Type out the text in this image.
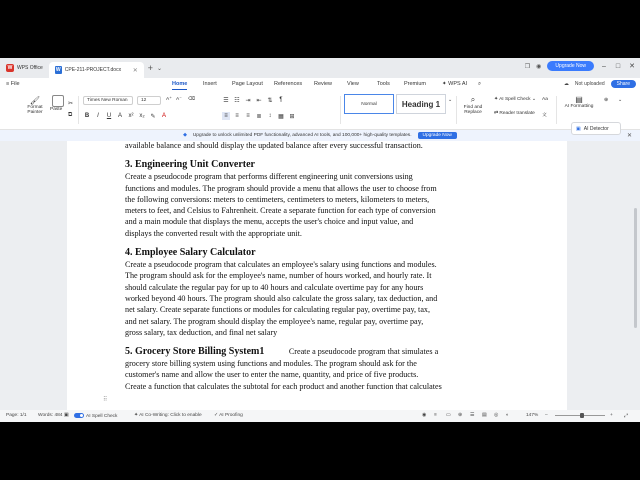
W WPS Office	W CPE-211-PROJECT.docx ✕ + ⌄	❐ ◉	Upgrade Now	– □ ✕
≡ File	Home	Insert	Page Layout References Review	View	Tools	Premium	✦ WPS AI ⌕	☁ Not uploaded	Share
🖌
Format Painter
Paste
✂
⧉
Times New Roman	12	A⁺ A⁻ ⌫
B	I	U	A	x² x₂ ✎	A
☰ ☷ ⇥ ⇤ ⇅	¶
≡	≡	≡	≣	↕	▦ ⊞
Normal	Heading 1 ⌄	⌕
Find and Replace
✦ AI Spell Check ⌄
⇄ Reader translate
Aa
文
▤
AI Formatting
⊕ ⌄
◆ Upgrade to unlock unlimited PDF functionality, advanced AI tools, and 100,000+ high-quality templates.	Upgrade Now	✕
available balance and should display the updated balance after every successful transaction.
3. Engineering Unit Converter
Create a pseudocode program that performs different engineering unit conversions using
functions and modules. The program should provide a menu that allows the user to choose from
the following conversions: meters to centimeters, centimeters to meters, kilometers to meters,
meters to feet, and Celsius to Fahrenheit. Create a separate function for each type of conversion
and a main module that displays the menu, accepts the user's choice and input value, and
displays the converted result with the appropriate unit.
4. Employee Salary Calculator
Create a pseudocode program that calculates an employee's salary using functions and modules.
The program should ask for the employee's name, number of hours worked, and hourly rate. It
should calculate the regular pay for up to 40 hours and calculate overtime pay for any hours
worked beyond 40 hours. The program should also calculate the gross salary, tax deduction, and
net salary. Create separate functions or modules for calculating regular pay, overtime pay, tax,
and net salary. The program should display the employee's name, regular pay, overtime pay,
gross salary, tax deduction, and final net salary
5. Grocery Store Billing System1	Create a pseudocode program that simulates a
grocery store billing system using functions and modules. The program should ask for the
customer's name and allow the user to enter the name, quantity, and price of five products.
Create a function that calculates the subtotal for each product and another function that calculates
⠿
▣ AI Detector
Page: 1/1 Words: 484 ▣	AI Spell Check	✦ AI Co-Writing: Click to enable	✓ AI Proofing	◉ ≡ ▭ ⊕ ☰ ▤ ◎ ◐	147% –	+ ⤢
